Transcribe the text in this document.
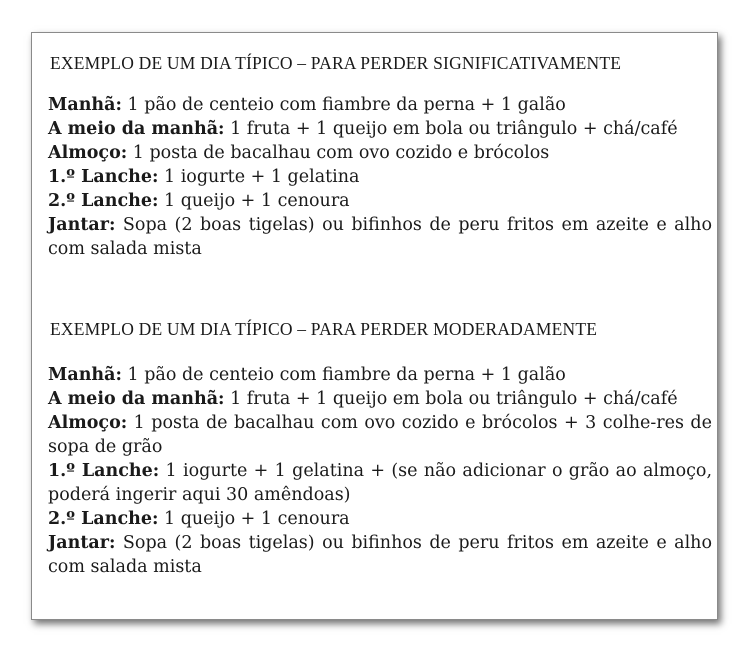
EXEMPLO DE UM DIA TÍPICO – PARA PERDER SIGNIFICATIVAMENTE

Manhã: 1 pão de centeio com fiambre da perna + 1 galão

A meio da manhã: 1 fruta + 1 queijo em bola ou triângulo + chá/café

Almoço: 1 posta de bacalhau com ovo cozido e brócolos

1.º Lanche: 1 iogurte + 1 gelatina

2.º Lanche: 1 queijo + 1 cenoura

Jantar: Sopa (2 boas tigelas) ou bifinhos de peru fritos em azeite e alho com salada mista

EXEMPLO DE UM DIA TÍPICO – PARA PERDER MODERADAMENTE

Manhã: 1 pão de centeio com fiambre da perna + 1 galão

A meio da manhã: 1 fruta + 1 queijo em bola ou triângulo + chá/café

Almoço: 1 posta de bacalhau com ovo cozido e brócolos + 3 colhe-res de sopa de grão

1.º Lanche: 1 iogurte + 1 gelatina + (se não adicionar o grão ao almoço, poderá ingerir aqui 30 amêndoas)

2.º Lanche: 1 queijo + 1 cenoura

Jantar: Sopa (2 boas tigelas) ou bifinhos de peru fritos em azeite e alho com salada mista
